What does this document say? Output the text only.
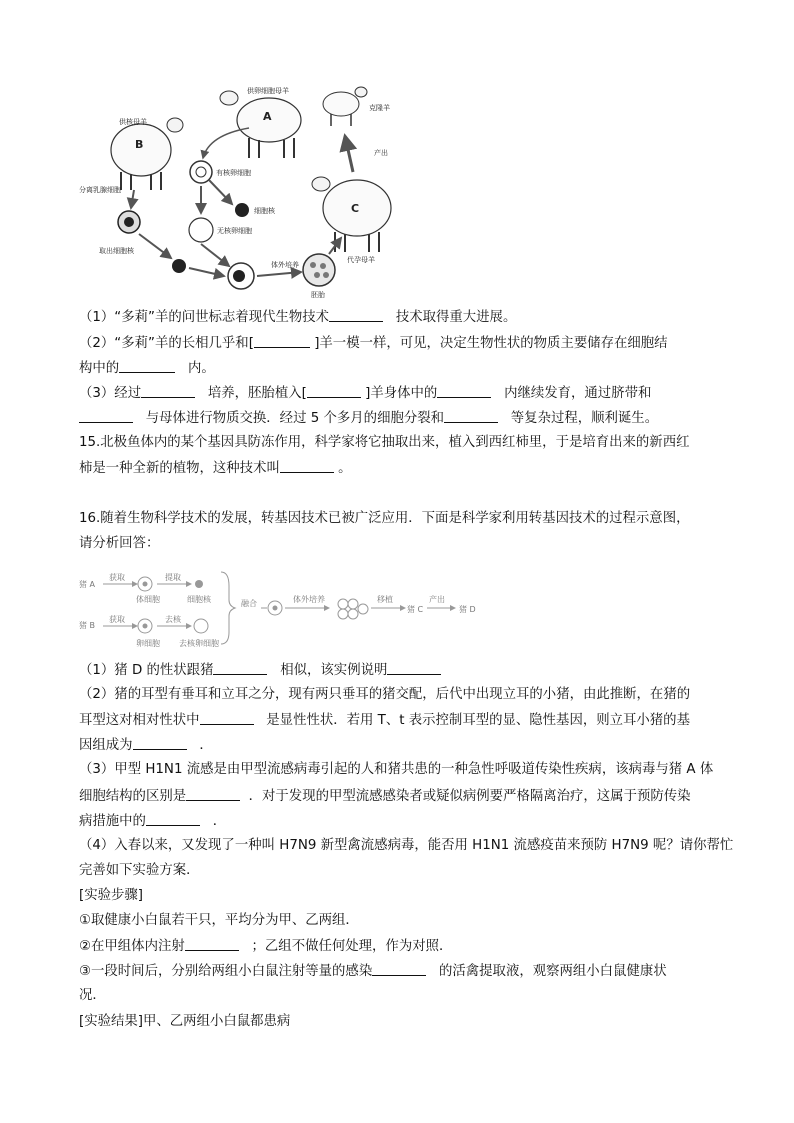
供卵细胞母羊
克隆羊
供核母羊
有核卵细胞
细胞核
无核卵细胞
产出
分离乳腺细胞
取出细胞核
体外培养
胚胎
代孕母羊
A
B
C
（1）“多莉”羊的问世标志着现代生物技术	技术取得重大进展。
（2）“多莉”羊的长相几乎和[	]羊一模一样，可见，决定生物性状的物质主要储存在细胞结
构中的	内。
（3）经过	培养，胚胎植入[	]羊身体中的	内继续发育，通过脐带和
与母体进行物质交换．经过 5 个多月的细胞分裂和	等复杂过程，顺利诞生。
15.北极鱼体内的某个基因具防冻作用，科学家将它抽取出来，植入到西红柿里，于是培育出来的新西红
柿是一种全新的植物，这种技术叫	。
16.随着生物科学技术的发展，转基因技术已被广泛应用．下面是科学家利用转基因技术的过程示意图，
请分析回答：
猪 A
猪 B
获取
体细胞
提取
细胞核
获取
卵细胞
去核
去核卵细胞
融合	体外培养	移植
猪 C
产出
猪 D
（1）猪 D 的性状跟猪	相似，该实例说明
（2）猪的耳型有垂耳和立耳之分，现有两只垂耳的猪交配，后代中出现立耳的小猪，由此推断，在猪的
耳型这对相对性状中	是显性性状．若用 T、t 表示控制耳型的显、隐性基因，则立耳小猪的基
因组成为	．
（3）甲型 H1N1 流感是由甲型流感病毒引起的人和猪共患的一种急性呼吸道传染性疾病，该病毒与猪 A 体
细胞结构的区别是	．对于发现的甲型流感感染者或疑似病例要严格隔离治疗，这属于预防传染
病措施中的	．
（4）入春以来，又发现了一种叫 H7N9 新型禽流感病毒，能否用 H1N1 流感疫苗来预防 H7N9 呢？请你帮忙
完善如下实验方案．
[实验步骤]
①取健康小白鼠若干只，平均分为甲、乙两组．
②在甲组体内注射	；乙组不做任何处理，作为对照．
③一段时间后，分别给两组小白鼠注射等量的感染	的活禽提取液，观察两组小白鼠健康状
况．
[实验结果]甲、乙两组小白鼠都患病
